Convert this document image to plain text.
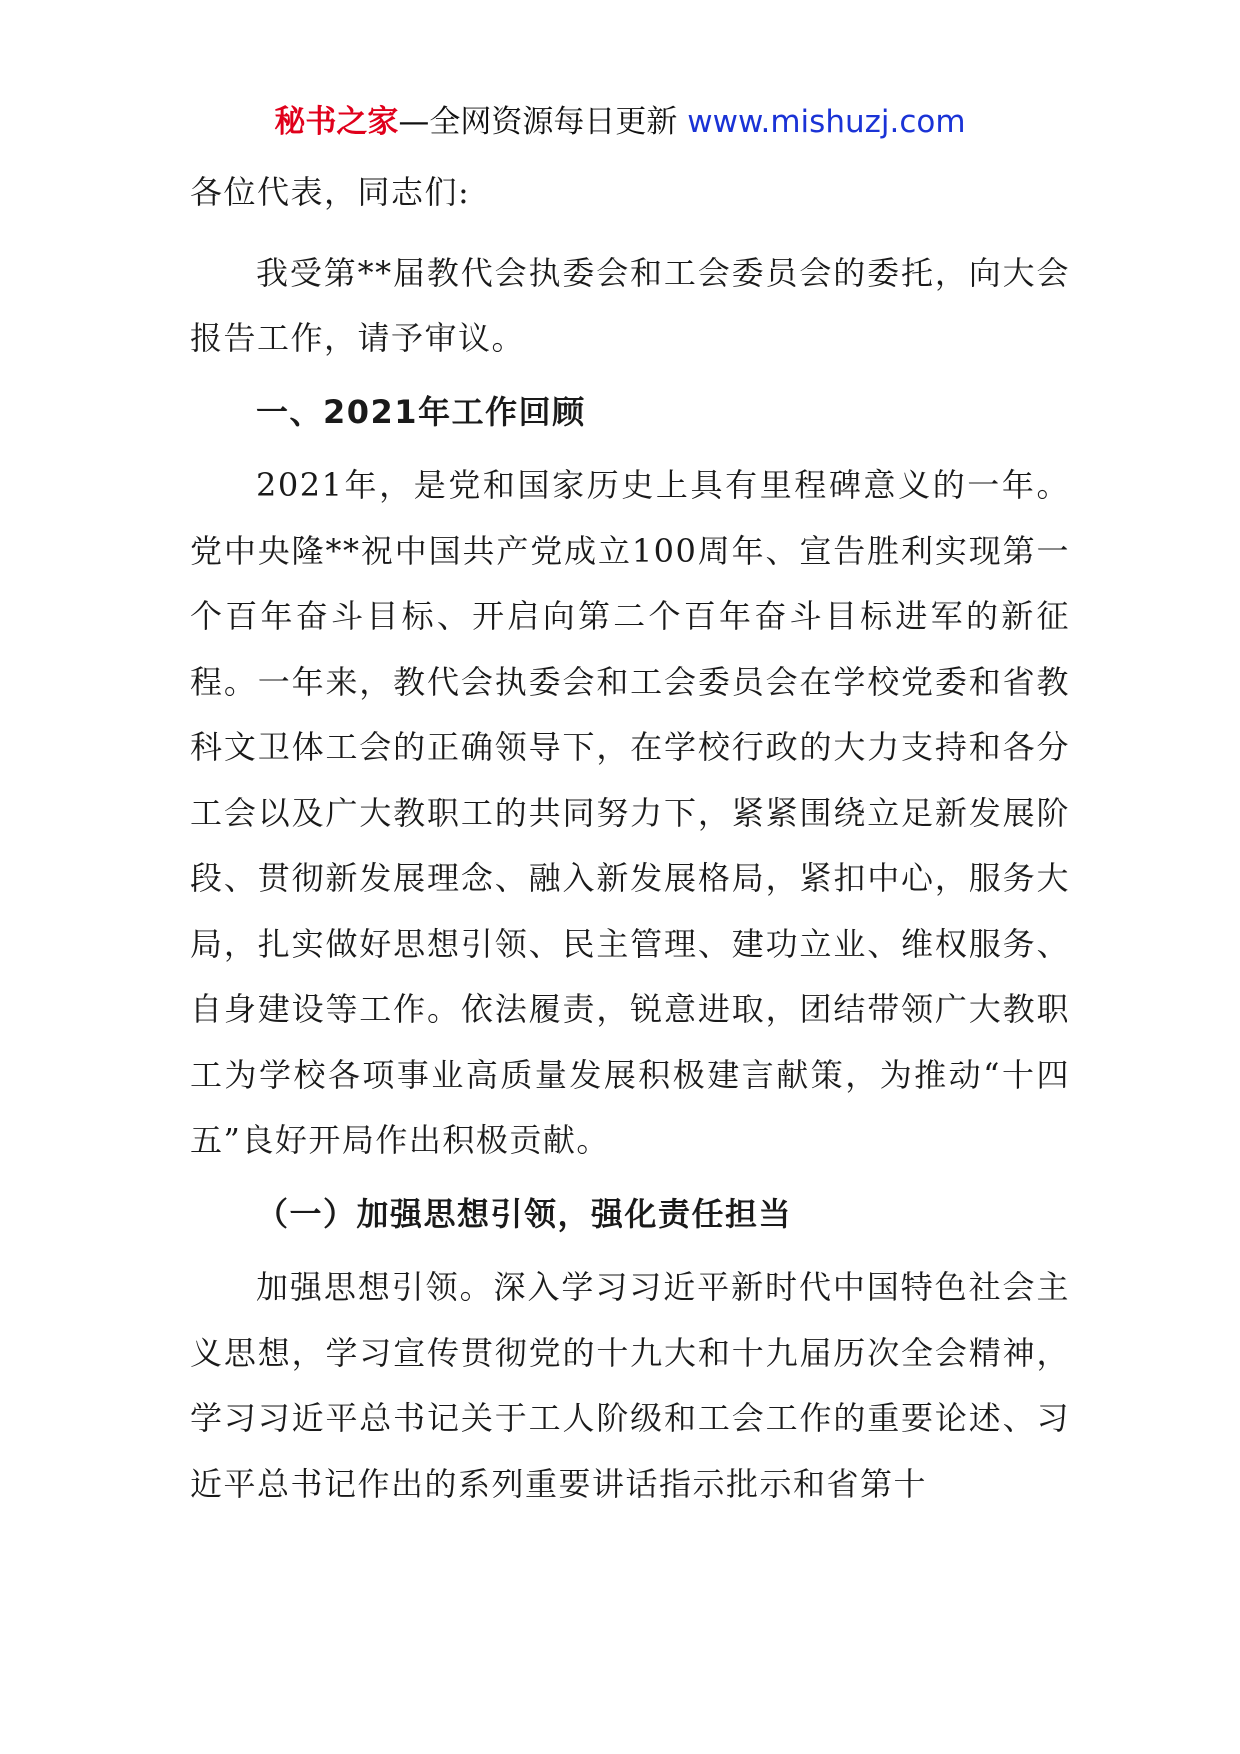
秘书之家—全网资源每日更新 www.mishuzj.com

各位代表，同志们:

我受第**届教代会执委会和工会委员会的委托，向大会报告工作，请予审议。

一、2021年工作回顾

2021年，是党和国家历史上具有里程碑意义的一年。党中央隆**祝中国共产党成立100周年、宣告胜利实现第一个百年奋斗目标、开启向第二个百年奋斗目标进军的新征程。一年来，教代会执委会和工会委员会在学校党委和省教科文卫体工会的正确领导下，在学校行政的大力支持和各分工会以及广大教职工的共同努力下，紧紧围绕立足新发展阶段、贯彻新发展理念、融入新发展格局，紧扣中心，服务大局，扎实做好思想引领、民主管理、建功立业、维权服务、自身建设等工作。依法履责，锐意进取，团结带领广大教职工为学校各项事业高质量发展积极建言献策，为推动“十四五”良好开局作出积极贡献。

（一）加强思想引领，强化责任担当

加强思想引领。深入学习习近平新时代中国特色社会主义思想，学习宣传贯彻党的十九大和十九届历次全会精神，学习习近平总书记关于工人阶级和工会工作的重要论述、习近平总书记作出的系列重要讲话指示批示和省第十
